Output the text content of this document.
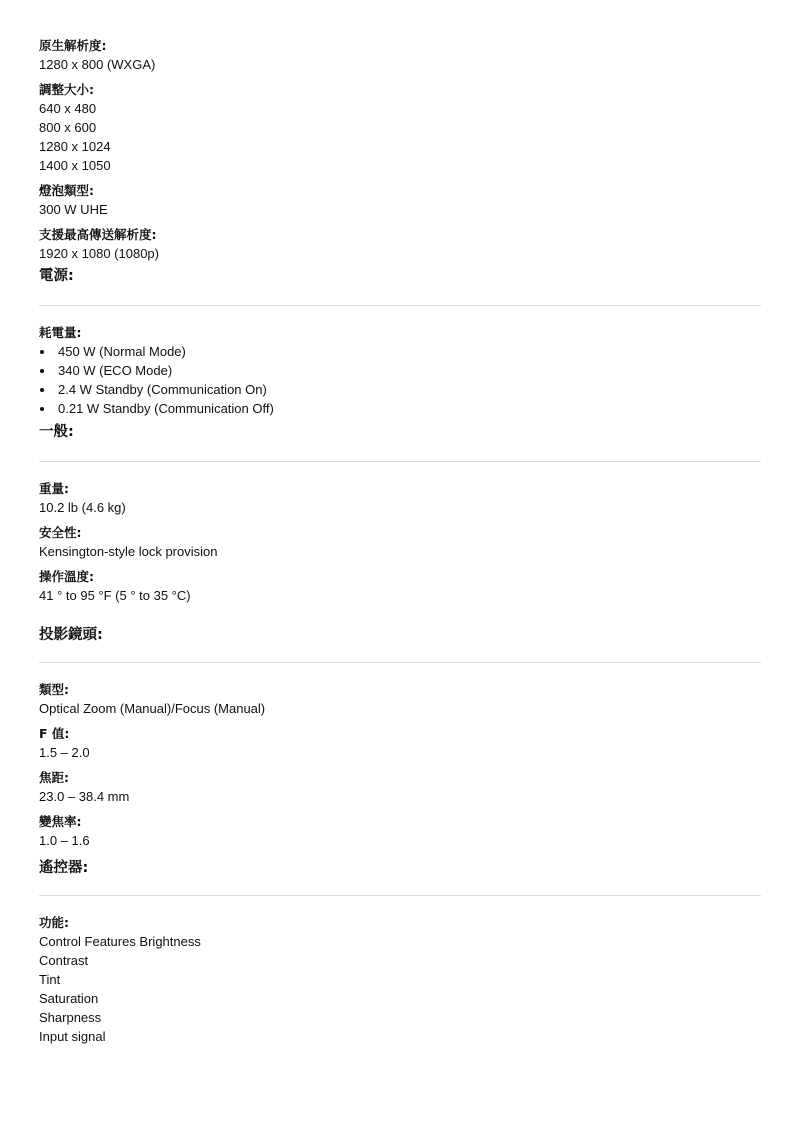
原生解析度:

1280 x 800 (WXGA)

調整大小:

640 x 480

800 x 600

1280 x 1024

1400 x 1050

燈泡類型:

300 W UHE

支援最高傳送解析度:

1920 x 1080 (1080p)

電源:

耗電量:

450 W (Normal Mode)
340 W (ECO Mode)
2.4 W Standby (Communication On)
0.21 W Standby (Communication Off)
一般:

重量:

10.2 lb (4.6 kg)

安全性:

Kensington-style lock provision

操作溫度:

41 ° to 95 °F (5 ° to 35 °C)

投影鏡頭:

類型:

Optical Zoom (Manual)/Focus (Manual)

F 值:

1.5 – 2.0

焦距:

23.0 – 38.4 mm

變焦率:

1.0 – 1.6

遙控器:

功能:

Control Features Brightness

Contrast

Tint

Saturation

Sharpness

Input signal
